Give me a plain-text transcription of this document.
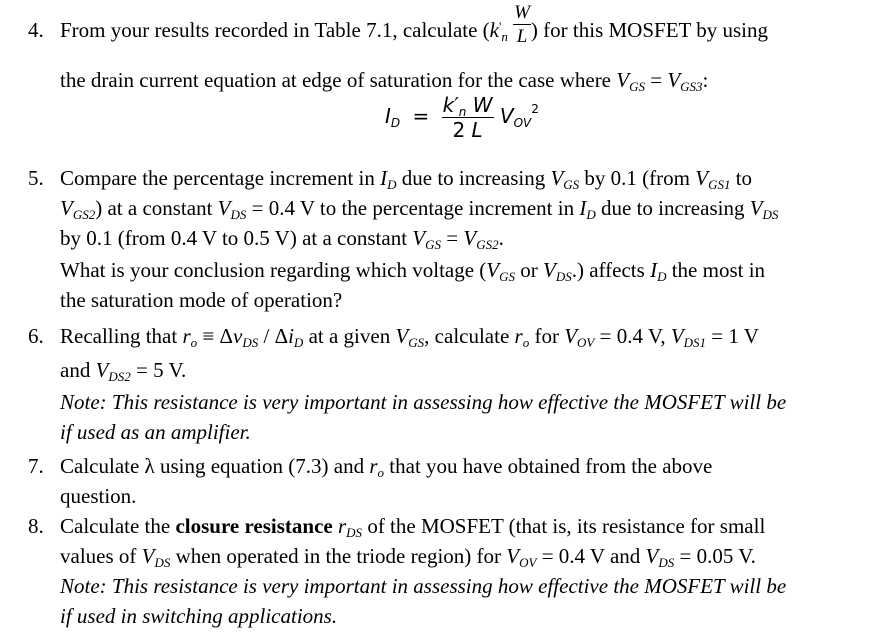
4. From your results recorded in Table 7.1, calculate ($k'_n \frac{W}{L}$ ) for this MOSFET by using
the drain current equation at edge of saturation for the case where $V_{GS} = V_{GS3}$:
$I_D = \frac{k'_n W}{2 L} V_{OV}^2$
5. Compare the percentage increment in $I_D$ due to increasing $V_{GS}$ by 0.1 (from $V_{GS1}$ to
$V_{GS2}$) at a constant $V_{DS} = 0.4$ V to the percentage increment in $I_D$ due to increasing $V_{DS}$
by 0.1 (from 0.4 V to 0.5 V) at a constant $V_{GS} = V_{GS2}$.
What is your conclusion regarding which voltage ($V_{GS}$ or $V_{DS}$.) affects $I_D$ the most in
the saturation mode of operation?
6. Recalling that $r_o \equiv \Delta v_{DS} / \Delta i_D$ at a given $V_{GS}$, calculate $r_o$ for $V_{OV} = 0.4$ V, $V_{DS1} = 1$ V
and $V_{DS2} = 5$ V.
Note: This resistance is very important in assessing how effective the MOSFET will be
if used as an amplifier.
7. Calculate λ using equation (7.3) and $r_o$ that you have obtained from the above
question.
8. Calculate the closure resistance $r_{DS}$ of the MOSFET (that is, its resistance for small
values of $V_{DS}$ when operated in the triode region) for $V_{OV} = 0.4$ V and $V_{DS} = 0.05$ V.
Note: This resistance is very important in assessing how effective the MOSFET will be
if used in switching applications.
